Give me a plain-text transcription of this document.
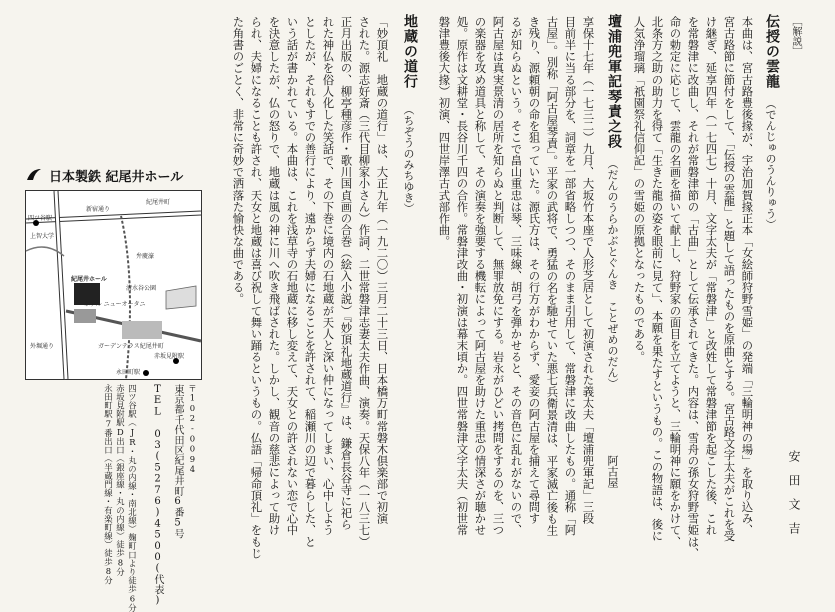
［解説］
安田文吉
伝授の雲龍
（でんじゅのうんりゅう）
本曲は、宮古路豊後掾が、宇治加賀掾正本「女絵師狩野雪姫」の発端「三輪明神の場」を取り込み、
宮古路節に節付をして、「伝授の雲龍」と題して語ったものを原曲とする。宮古路文字太夫がこれを受
け継ぎ、延享四年（一七四七）十月、文字太夫が「常磐津」と改姓して常磐津節を起こした後、これ
を常磐津に改曲し、それが常磐津節の「古曲」として伝承されてきた。内容は、雪舟の孫女狩野雪姫は、
命の勅定に応じて、雲龍の名画を描いて献上し、狩野家の面目を立てようと、三輪明神に願をかけて、
北条方之助の助力を得て「生きた龍の姿を眼前に見て」、本願を果たすというもの。この物語は、後に
人気浄瑠璃「祇園祭礼信仰記」の雪姫の原拠となったものである。
壇浦兜軍記琴責之段
（だんのうらかぶとぐんき　ことぜめのだん）
阿古屋
享保十七年（一七三二）九月、大坂竹本座で人形芝居として初演された義太夫「壇浦兜軍記」三段
目前半に当る部分を、詞章を一部省略しつつ、そのまま引用して、常磐津に改曲したもの。通称「阿
古屋」。別称「阿古屋琴責」。平家の武将で、勇猛の名を馳せていた悪七兵衛景清は、平家滅亡後も生
き残り、源頼朝の命を狙っていた。源氏方は、その行方がわからず、愛妾の阿古屋を捕えて尋問す
るが知らぬという。そこで畠山重忠は琴、三味線、胡弓を弾かせると、その音色に乱れがないので、
阿古屋は真実景清の居所を知らぬと判断して、無罪放免にする。岩永がひどい拷問をするのを、三つ
の楽器を攻め道具と称して、その演奏を強要する機転によって阿古屋を助けた重忠の情深さが聴かせ
処。原作は文耕堂・長谷川千四の合作。常磐津改曲・初演は幕末頃か。四世常磐津文字太夫（初世常
磐津豊後大掾）初演、四世岸澤古式部作曲。
地蔵の道行
（ちぞうのみちゆき）
「妙頂礼　地蔵の道行」は、大正九年（一九二〇）三月二十三日、日本橋万町常磐木倶楽部で初演
された。源志好斎（三代目柳家小さん）作詞、二世常磐津志妻太夫作曲、演奏。天保八年（一八三七）
正月出版の、柳亭種彦作・歌川国貞画の合巻（絵入小説）『妙頂礼地蔵道行』は、鎌倉長谷寺に祀ら
れた神仏を俗人化した笑話で、その下巻に境内の石地蔵が天人と深い仲になってしまい、心中しよう
としたが、それもすでの善行により、遠からず夫婦になることを許されて、稲瀬川の辺で暮らした、と
いう話が書かれている。本曲は、これを浅草寺の石地蔵に移し変えて、天女との許されない恋で心中
を決意したが、仏の怒りで、地蔵は風の神に川へ吹き飛ばされた。しかし、観音の慈悲によって助け
られ、夫婦になることも許され、天女と地蔵は喜び祝して舞い踊るというもの。仏語「帰命頂礼」をもじ
た角書のごとく、非常に奇妙で洒落た愉快な曲である。
日本製鉄 紀尾井ホール
紀尾井町
新宿通り
上智大学
四ツ谷駅
紀尾井ホール
ホテル ニューオータニ
清水谷公園
ガーデンテラス紀尾井町
赤坂見附駅
永田町駅
弁慶濠
外堀通り
〒102-0094
東京都千代田区紀尾井町6番5号
TEL 03(5276)4500(代表)
四ツ谷駅（JR・丸の内線・南北線）麹町口より徒歩6分
赤坂見附駅D出口（銀座線・丸の内線）徒歩8分
永田町駅7番出口（半蔵門線・有楽町線）徒歩8分
